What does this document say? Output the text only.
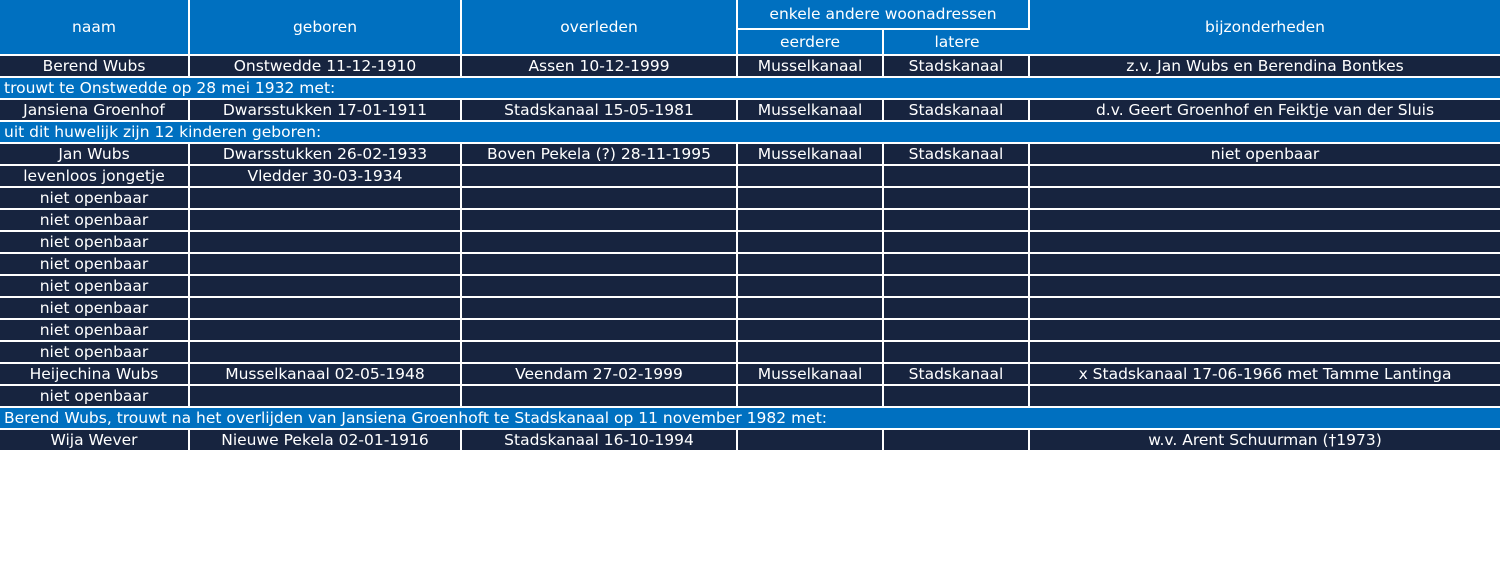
naam	geboren	overleden	enkele andere woonadressen		bijzonderheden
			eerdere	latere	
Berend Wubs	Onstwedde 11-12-1910	Assen 10-12-1999	Musselkanaal	Stadskanaal	z.v. Jan Wubs en Berendina Bontkes
trouwt te Onstwedde op 28 mei 1932 met:					
Jansiena Groenhof	Dwarsstukken 17-01-1911	Stadskanaal 15-05-1981	Musselkanaal	Stadskanaal	d.v. Geert Groenhof en Feiktje van der Sluis
uit dit huwelijk zijn 12 kinderen geboren:					
Jan Wubs	Dwarsstukken 26-02-1933	Boven Pekela (?) 28-11-1995	Musselkanaal	Stadskanaal	niet openbaar
levenloos jongetje	Vledder 30-03-1934				
niet openbaar					
niet openbaar					
niet openbaar					
niet openbaar					
niet openbaar					
niet openbaar					
niet openbaar					
niet openbaar					
Heijechina Wubs	Musselkanaal 02-05-1948	Veendam 27-02-1999	Musselkanaal	Stadskanaal	x Stadskanaal 17-06-1966 met Tamme Lantinga
niet openbaar					
Berend Wubs, trouwt na het overlijden van Jansiena Groenhoft te Stadskanaal op 11 november 1982 met:					
Wija Wever	Nieuwe Pekela 02-01-1916	Stadskanaal 16-10-1994			w.v. Arent Schuurman (†1973)
